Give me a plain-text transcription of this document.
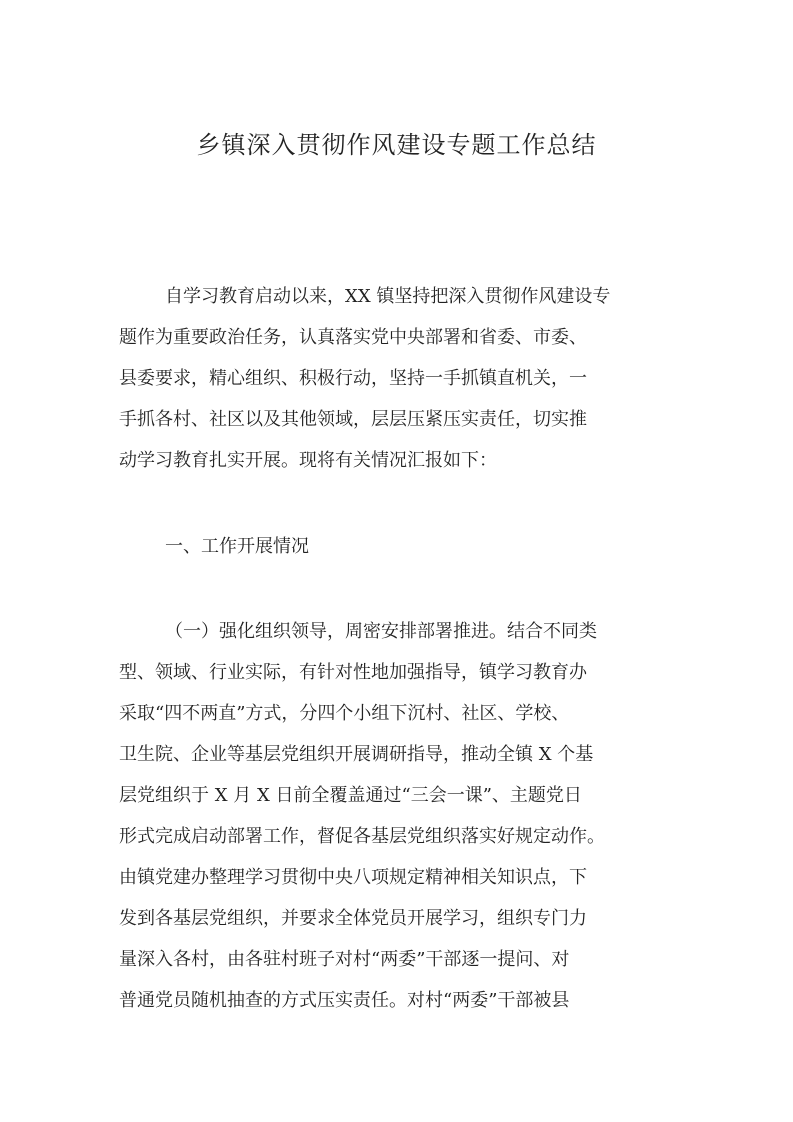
乡镇深入贯彻作风建设专题工作总结
自学习教育启动以来，XX 镇坚持把深入贯彻作风建设专
题作为重要政治任务，认真落实党中央部署和省委、市委、
县委要求，精心组织、积极行动，坚持一手抓镇直机关，一
手抓各村、社区以及其他领域，层层压紧压实责任，切实推
动学习教育扎实开展。现将有关情况汇报如下：
一、工作开展情况
（一）强化组织领导，周密安排部署推进。结合不同类
型、领域、行业实际，有针对性地加强指导，镇学习教育办
采取“四不两直”方式，分四个小组下沉村、社区、学校、
卫生院、企业等基层党组织开展调研指导，推动全镇 X 个基
层党组织于 X 月 X 日前全覆盖通过“三会一课”、主题党日
形式完成启动部署工作，督促各基层党组织落实好规定动作。
由镇党建办整理学习贯彻中央八项规定精神相关知识点，下
发到各基层党组织，并要求全体党员开展学习，组织专门力
量深入各村，由各驻村班子对村“两委”干部逐一提问、对
普通党员随机抽查的方式压实责任。对村“两委”干部被县
